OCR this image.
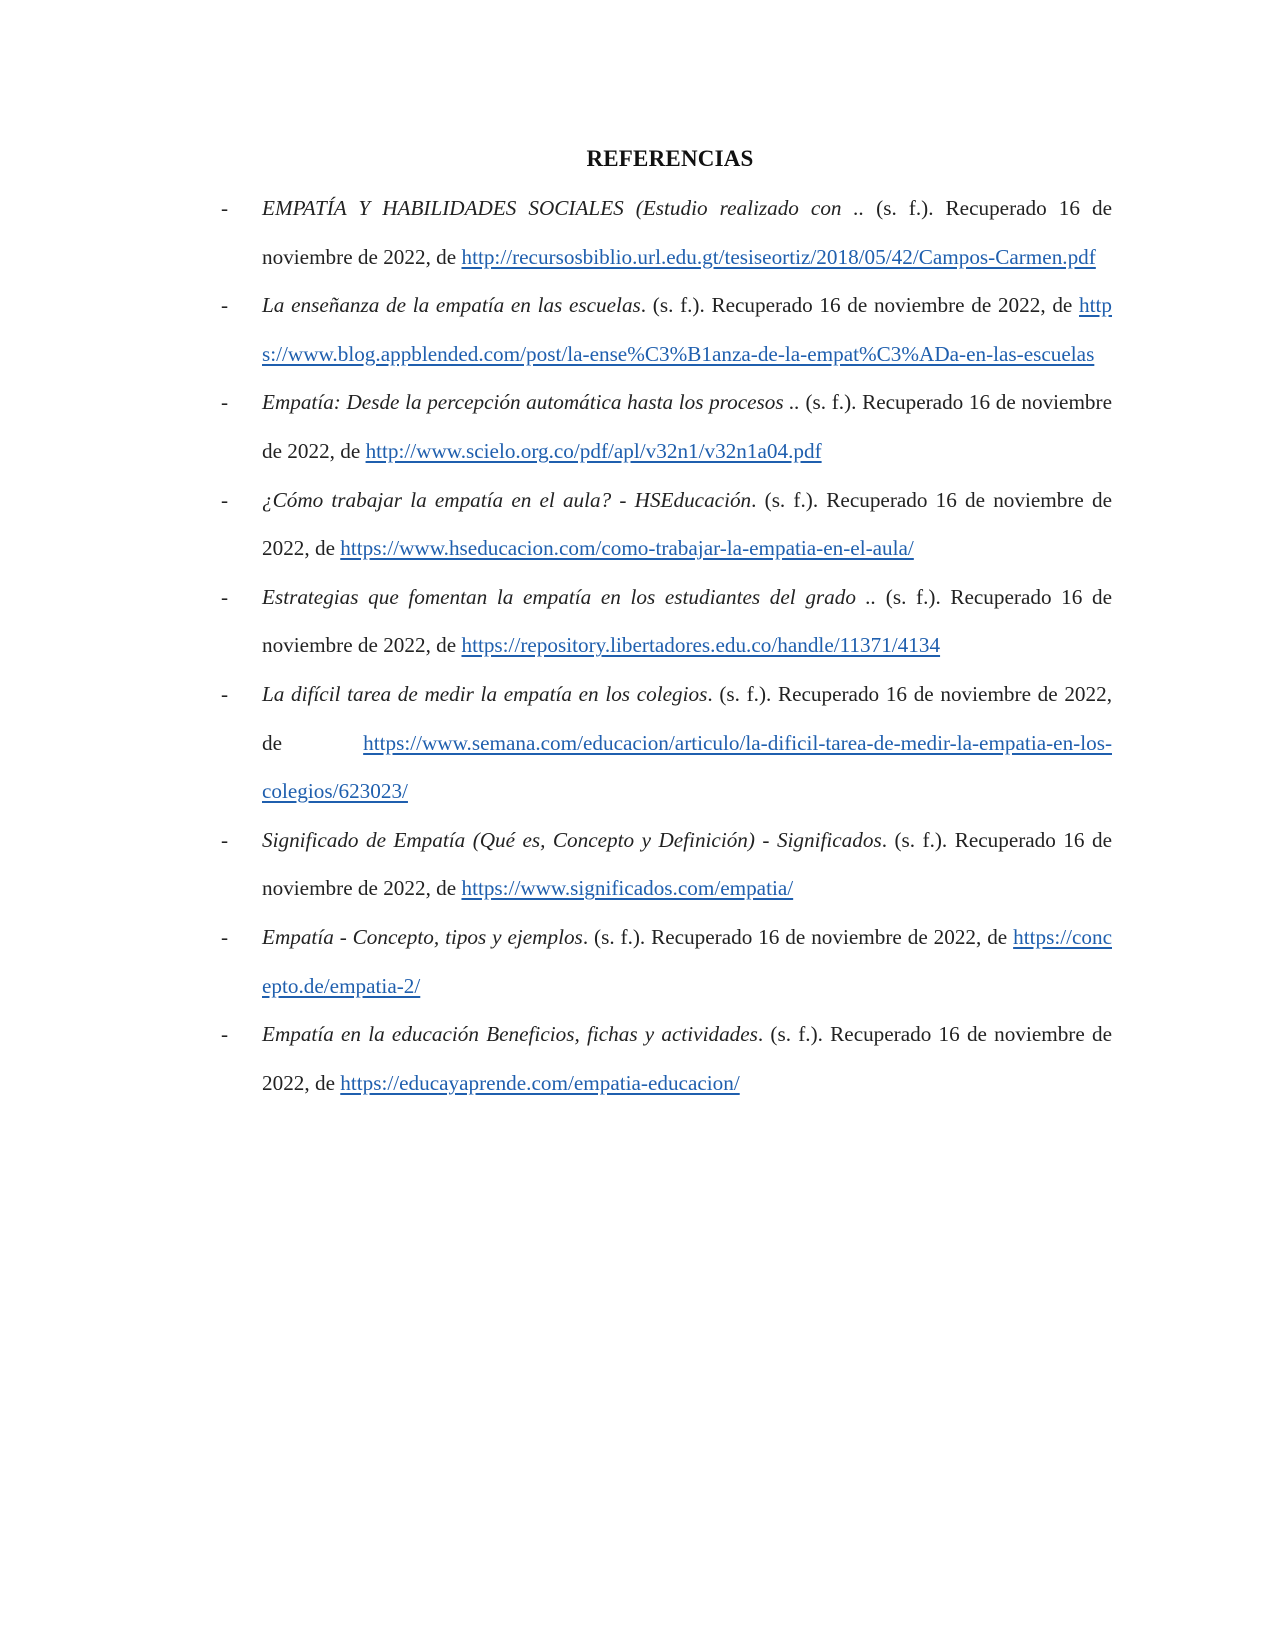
REFERENCIAS
- EMPATÍA Y HABILIDADES SOCIALES (Estudio realizado con .. (s. f.). Recuperado 16 de noviembre de 2022, de http://recursosbiblio.url.edu.gt/tesiseortiz/2018/05/42/Campos-Carmen.pdf
- La enseñanza de la empatía en las escuelas. (s. f.). Recuperado 16 de noviembre de 2022, de https://www.blog.appblended.com/post/la-ense%C3%B1anza-de-la-empat%C3%ADa-en-las-escuelas
- Empatía: Desde la percepción automática hasta los procesos .. (s. f.). Recuperado 16 de noviembre de 2022, de http://www.scielo.org.co/pdf/apl/v32n1/v32n1a04.pdf
- ¿Cómo trabajar la empatía en el aula? - HSEducación. (s. f.). Recuperado 16 de noviembre de 2022, de https://www.hseducacion.com/como-trabajar-la-empatia-en-el-aula/
- Estrategias que fomentan la empatía en los estudiantes del grado .. (s. f.). Recuperado 16 de noviembre de 2022, de https://repository.libertadores.edu.co/handle/11371/4134
- La difícil tarea de medir la empatía en los colegios. (s. f.). Recuperado 16 de noviembre de 2022, de https://www.semana.com/educacion/articulo/la-dificil-tarea-de-medir-la-empatia-en-los-colegios/623023/
- Significado de Empatía (Qué es, Concepto y Definición) - Significados. (s. f.). Recuperado 16 de noviembre de 2022, de https://www.significados.com/empatia/
- Empatía - Concepto, tipos y ejemplos. (s. f.). Recuperado 16 de noviembre de 2022, de https://concepto.de/empatia-2/
- Empatía en la educación Beneficios, fichas y actividades. (s. f.). Recuperado 16 de noviembre de 2022, de https://educayaprende.com/empatia-educacion/
